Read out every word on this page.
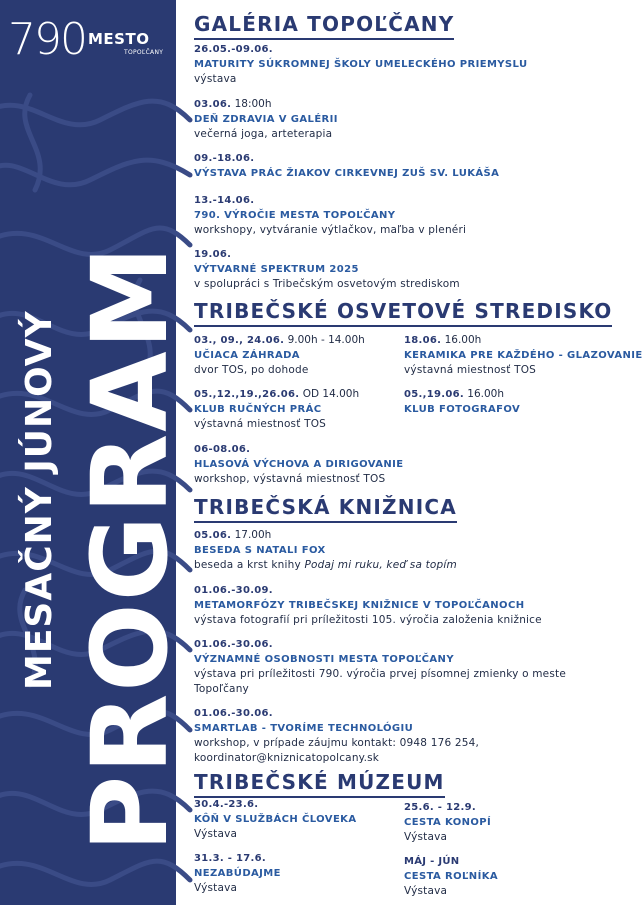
790 MESTO
TOPOĽČANY
MESAČNÝ JÚNOVÝ PROGRAM
GALÉRIA TOPOĽČANY
26.05.-09.06.
MATURITY SÚKROMNEJ ŠKOLY UMELECKÉHO PRIEMYSLU
výstava
03.06. 18:00h
DEŇ ZDRAVIA V GALÉRII
večerná joga, arteterapia
09.-18.06.
VÝSTAVA PRÁC ŽIAKOV CIRKEVNEJ ZUŠ SV. LUKÁŠA
13.-14.06.
790. VÝROČIE MESTA TOPOĽČANY
workshopy, vytváranie výtlačkov, maľba v plenéri
19.06.
VÝTVARNÉ SPEKTRUM 2025
v spolupráci s Tribečským osvetovým strediskom
TRIBEČSKÉ OSVETOVÉ STREDISKO
03., 09., 24.06. 9.00h - 14.00h
UČIACA ZÁHRADA
dvor TOS, po dohode
18.06. 16.00h
KERAMIKA PRE KAŽDÉHO - GLAZOVANIE
výstavná miestnosť TOS
05.,12.,19.,26.06. OD 14.00h
KLUB RUČNÝCH PRÁC
výstavná miestnosť TOS
05.,19.06. 16.00h
KLUB FOTOGRAFOV
06-08.06.
HLASOVÁ VÝCHOVA A DIRIGOVANIE
workshop, výstavná miestnosť TOS
TRIBEČSKÁ KNIŽNICA
05.06. 17.00h
BESEDA S NATALI FOX
beseda a krst knihy Podaj mi ruku, keď sa topím
01.06.-30.09.
METAMORFÓZY TRIBEČSKEJ KNIŽNICE V TOPOĽČANOCH
výstava fotografií pri príležitosti 105. výročia založenia knižnice
01.06.-30.06.
VÝZNAMNÉ OSOBNOSTI MESTA TOPOĽČANY
výstava pri príležitosti 790. výročia prvej písomnej zmienky o meste
Topoľčany
01.06.-30.06.
SMARTLAB - TVORÍME TECHNOLÓGIU
workshop, v prípade záujmu kontakt: 0948 176 254,
koordinator@kniznicatopolcany.sk
TRIBEČSKÉ MÚZEUM
30.4.-23.6.
KÔŇ V SLUŽBÁCH ČLOVEKA
Výstava
25.6. - 12.9.
CESTA KONOPÍ
Výstava
31.3. - 17.6.
NEZABÚDAJME
Výstava
MÁJ - JÚN
CESTA ROĽNÍKA
Výstava
